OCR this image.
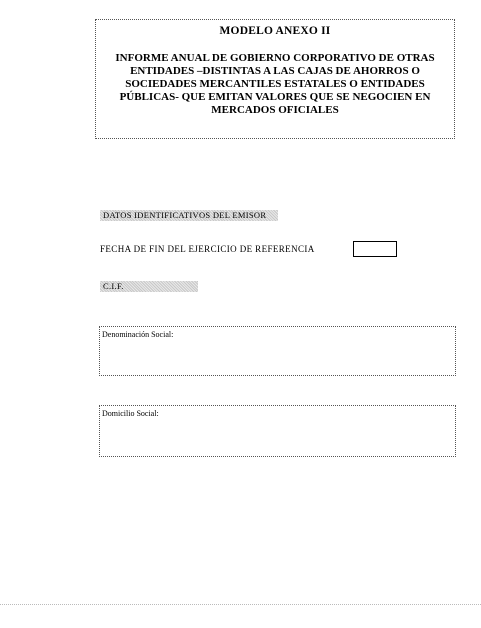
MODELO ANEXO II
INFORME ANUAL DE GOBIERNO CORPORATIVO DE OTRAS ENTIDADES –DISTINTAS A LAS CAJAS DE AHORROS O SOCIEDADES MERCANTILES ESTATALES O ENTIDADES PÚBLICAS- QUE EMITAN VALORES QUE SE NEGOCIEN EN MERCADOS OFICIALES
DATOS IDENTIFICATIVOS DEL EMISOR
FECHA DE FIN DEL EJERCICIO DE REFERENCIA
C.I.F.
Denominación Social:
Domicilio Social:
